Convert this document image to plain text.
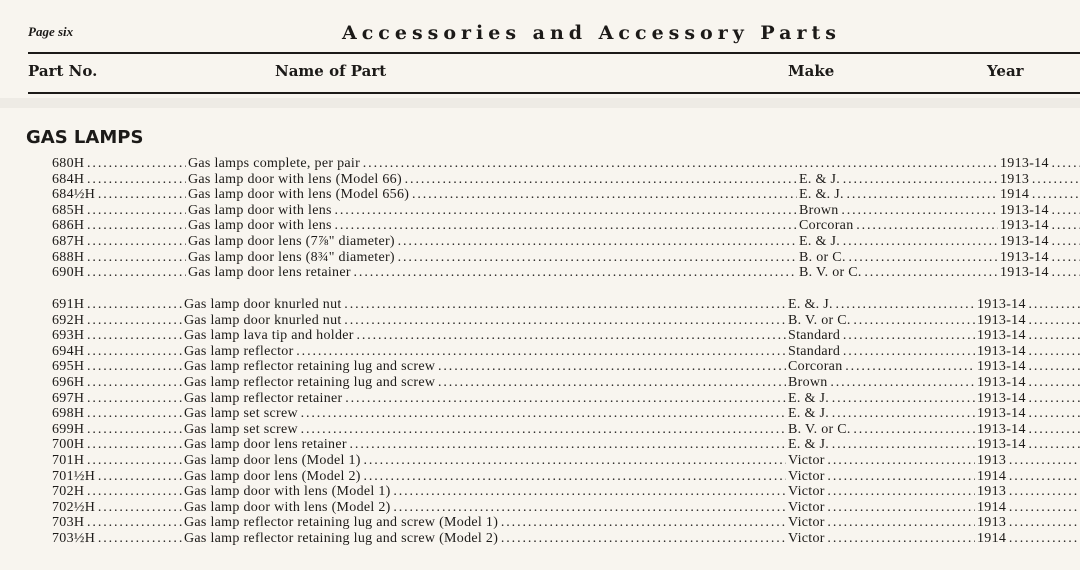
Page six	Accessories and Accessory Parts
Part No.	Name of Part	Make	Year
GAS LAMPS
680H . . .	Gas lamps complete, per pair . . .
. . .	1913-14 . . .
684H . . .	Gas lamp door with lens (Model 66) . . .	E. & J. . . .	1913 . . .
684½H . . .	Gas lamp door with lens (Model 656) . . .	E. &. J. . . .	1914 . . .
685H . . .	Gas lamp door with lens . . .	Brown . . .	1913-14 . . .
686H . . .	Gas lamp door with lens . . .	Corcoran . . .	1913-14 . . .
687H . . .	Gas lamp door lens (7⅞" diameter) . . .	E. & J. . . .	1913-14 . . .
688H . . .	Gas lamp door lens (8¾" diameter) . . .	B. or C. . . .	1913-14 . . .
690H . . .	Gas lamp door lens retainer . . .	B. V. or C. . . .	1913-14 . . .
691H . . .	Gas lamp door knurled nut . . .	E. &. J. . . .	1913-14 . . .
692H . . .	Gas lamp door knurled nut . . .	B. V. or C. . . .	1913-14 . . .
693H . . .	Gas lamp lava tip and holder . . .	Standard . . .	1913-14 . . .
694H . . .	Gas lamp reflector . . .	Standard . . .	1913-14 . . .
695H . . .	Gas lamp reflector retaining lug and screw . . .	Corcoran . . .	1913-14 . . .
696H . . .	Gas lamp reflector retaining lug and screw . . .	Brown . . .	1913-14 . . .
697H . . .	Gas lamp reflector retainer . . .	E. & J. . . .	1913-14 . . .
698H . . .	Gas lamp set screw . . .	E. & J. . . .	1913-14 . . .
699H . . .	Gas lamp set screw . . .	B. V. or C. . . .	1913-14 . . .
700H . . .	Gas lamp door lens retainer . . .	E. & J. . . .	1913-14 . . .
701H . . .	Gas lamp door lens (Model 1) . . .	Victor . . .	1913 . . .
701½H . . .	Gas lamp door lens (Model 2) . . .	Victor . . .	1914 . . .
702H . . .	Gas lamp door with lens (Model 1) . . .	Victor . . .	1913 . . .
702½H . . .	Gas lamp door with lens (Model 2) . . .	Victor . . .	1914 . . .
703H . . .	Gas lamp reflector retaining lug and screw (Model 1) . . .	Victor . . .	1913 . . .
703½H . . .	Gas lamp reflector retaining lug and screw (Model 2) . . .	Victor . . .	1914 . . .
